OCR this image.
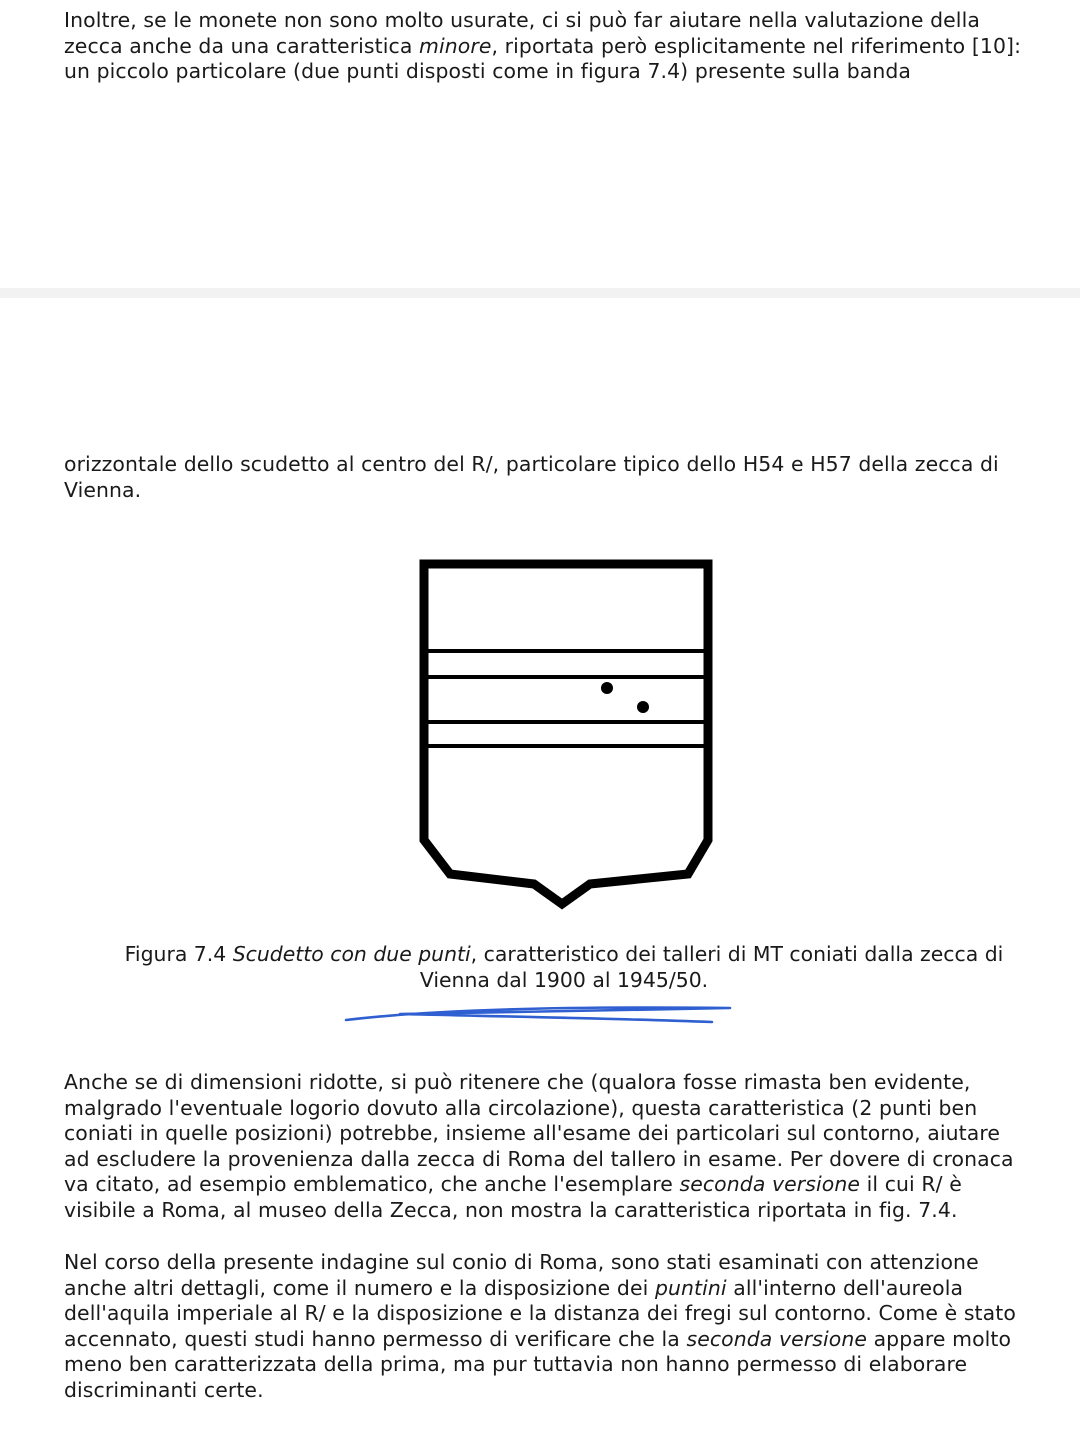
Inoltre, se le monete non sono molto usurate, ci si può far aiutare nella valutazione della
zecca anche da una caratteristica minore, riportata però esplicitamente nel riferimento [10]:
un piccolo particolare (due punti disposti come in figura 7.4) presente sulla banda

orizzontale dello scudetto al centro del R/, particolare tipico dello H54 e H57 della zecca di
Vienna.

Figura 7.4 Scudetto con due punti, caratteristico dei talleri di MT coniati dalla zecca di
Vienna dal 1900 al 1945/50.

Anche se di dimensioni ridotte, si può ritenere che (qualora fosse rimasta ben evidente,
malgrado l'eventuale logorio dovuto alla circolazione), questa caratteristica (2 punti ben
coniati in quelle posizioni) potrebbe, insieme all'esame dei particolari sul contorno, aiutare
ad escludere la provenienza dalla zecca di Roma del tallero in esame. Per dovere di cronaca
va citato, ad esempio emblematico, che anche l'esemplare seconda versione il cui R/ è
visibile a Roma, al museo della Zecca, non mostra la caratteristica riportata in fig. 7.4.

Nel corso della presente indagine sul conio di Roma, sono stati esaminati con attenzione
anche altri dettagli, come il numero e la disposizione dei puntini all'interno dell'aureola
dell'aquila imperiale al R/ e la disposizione e la distanza dei fregi sul contorno. Come è stato
accennato, questi studi hanno permesso di verificare che la seconda versione appare molto
meno ben caratterizzata della prima, ma pur tuttavia non hanno permesso di elaborare
discriminanti certe.
